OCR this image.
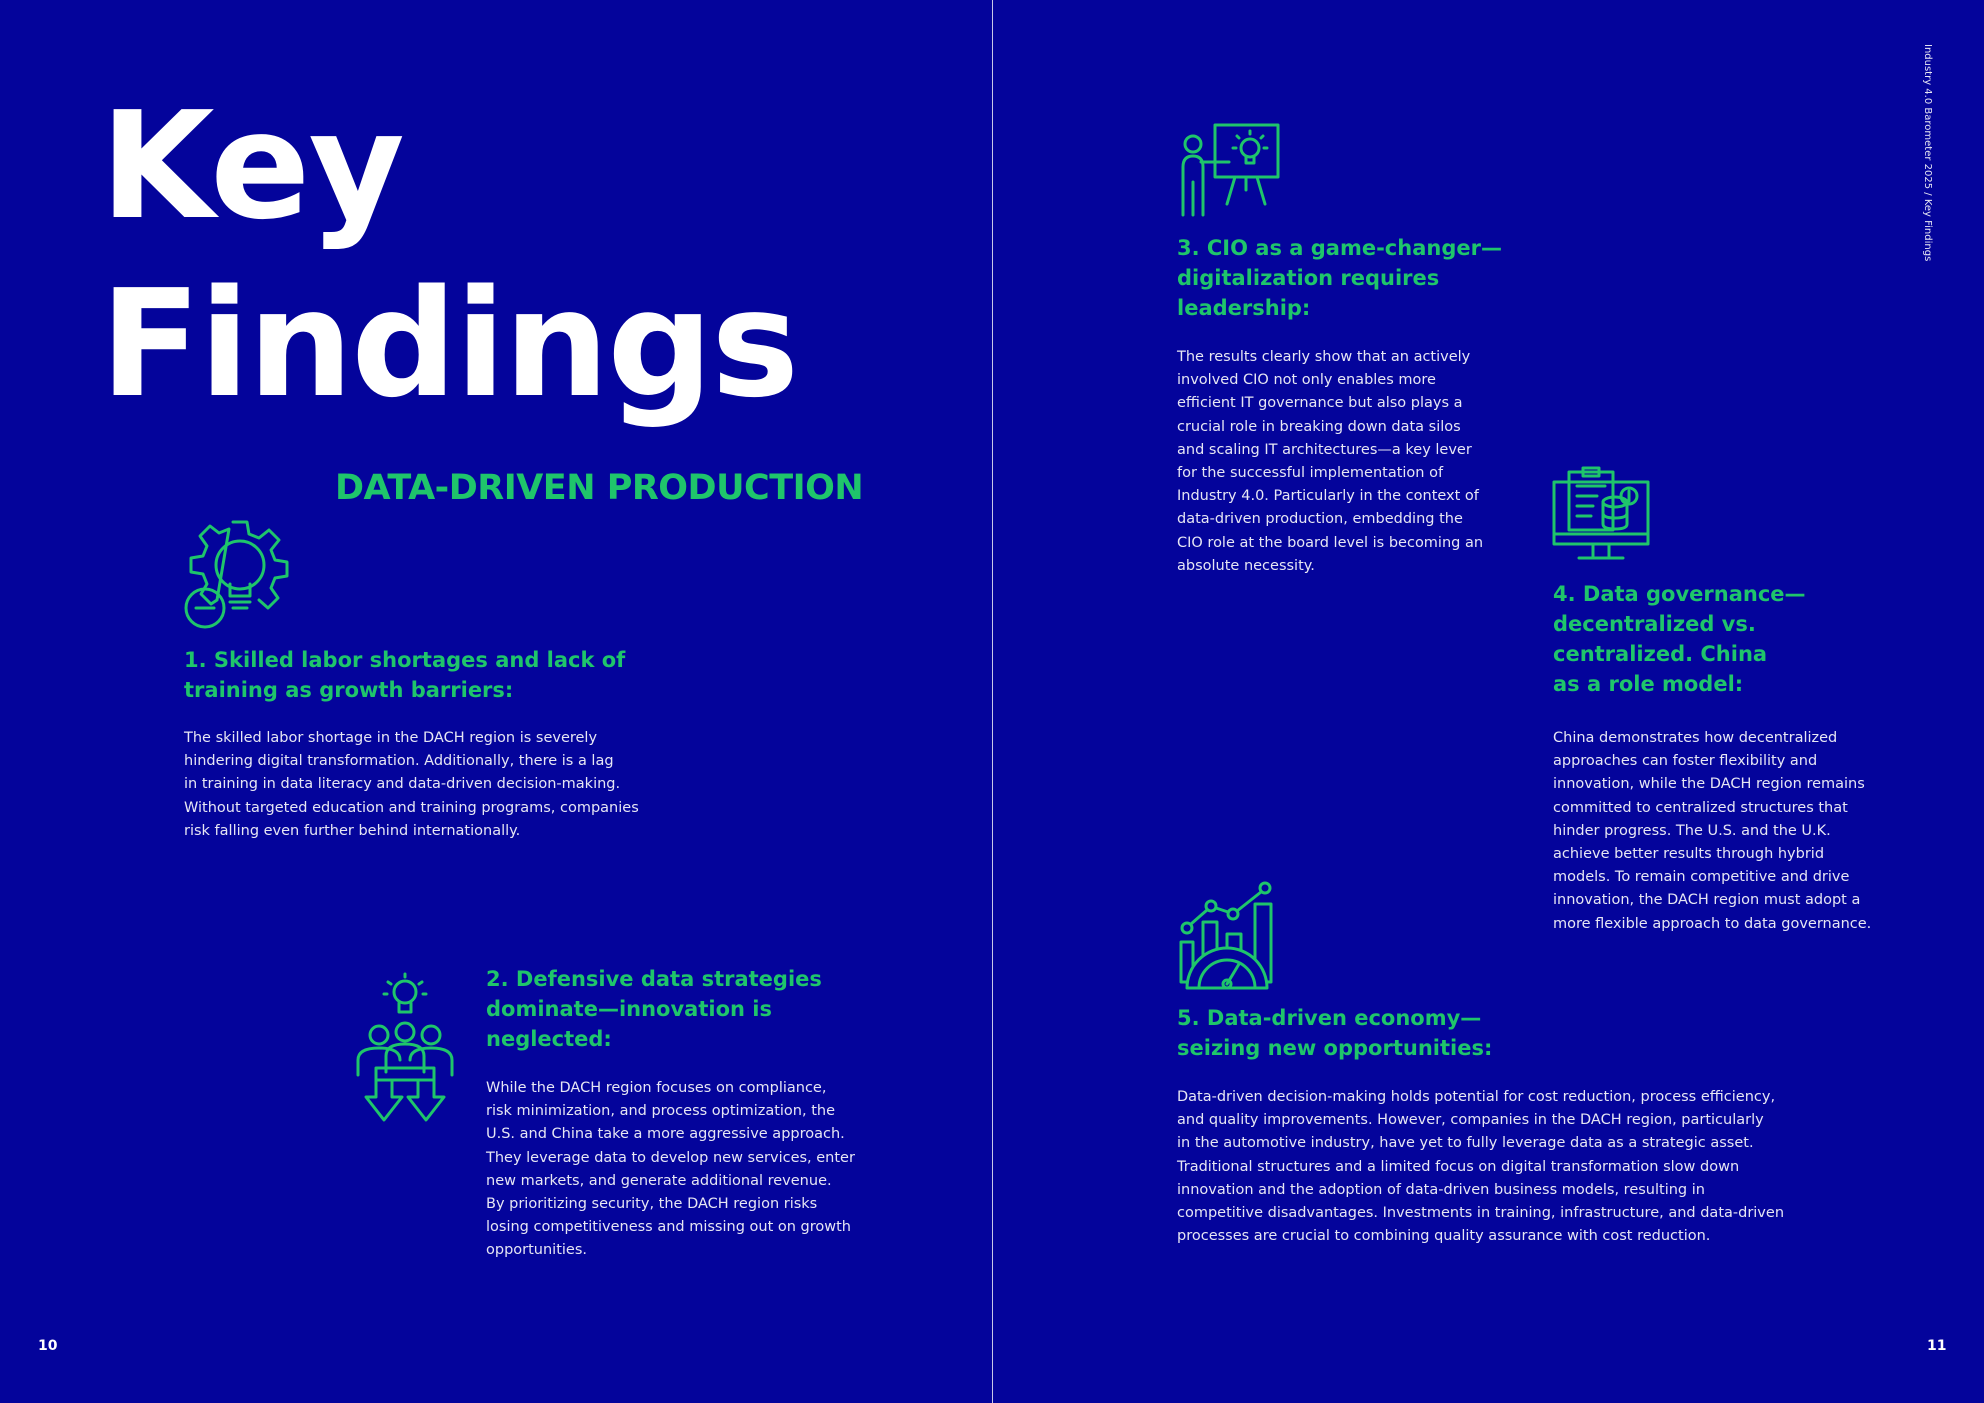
Key
Findings
DATA-DRIVEN PRODUCTION
1. Skilled labor shortages and lack of
training as growth barriers:
The skilled labor shortage in the DACH region is severely
hindering digital transformation. Additionally, there is a lag
in training in data literacy and data-driven decision-making.
Without targeted education and training programs, companies
risk falling even further behind internationally.
2. Defensive data strategies
dominate—innovation is
neglected:
While the DACH region focuses on compliance,
risk minimization, and process optimization, the
U.S. and China take a more aggressive approach.
They leverage data to develop new services, enter
new markets, and generate additional revenue.
By prioritizing security, the DACH region risks
losing competitiveness and missing out on growth
opportunities.
3. CIO as a game-changer—
digitalization requires
leadership:
The results clearly show that an actively
involved CIO not only enables more
efficient IT governance but also plays a
crucial role in breaking down data silos
and scaling IT architectures—a key lever
for the successful implementation of
Industry 4.0. Particularly in the context of
data-driven production, embedding the
CIO role at the board level is becoming an
absolute necessity.
4. Data governance—
decentralized vs.
centralized. China
as a role model:
China demonstrates how decentralized
approaches can foster flexibility and
innovation, while the DACH region remains
committed to centralized structures that
hinder progress. The U.S. and the U.K.
achieve better results through hybrid
models. To remain competitive and drive
innovation, the DACH region must adopt a
more flexible approach to data governance.
5. Data-driven economy—
seizing new opportunities:
Data-driven decision-making holds potential for cost reduction, process efficiency,
and quality improvements. However, companies in the DACH region, particularly
in the automotive industry, have yet to fully leverage data as a strategic asset.
Traditional structures and a limited focus on digital transformation slow down
innovation and the adoption of data-driven business models, resulting in
competitive disadvantages. Investments in training, infrastructure, and data-driven
processes are crucial to combining quality assurance with cost reduction.
Industry 4.0 Barometer 2025 / Key Findings
10	11
